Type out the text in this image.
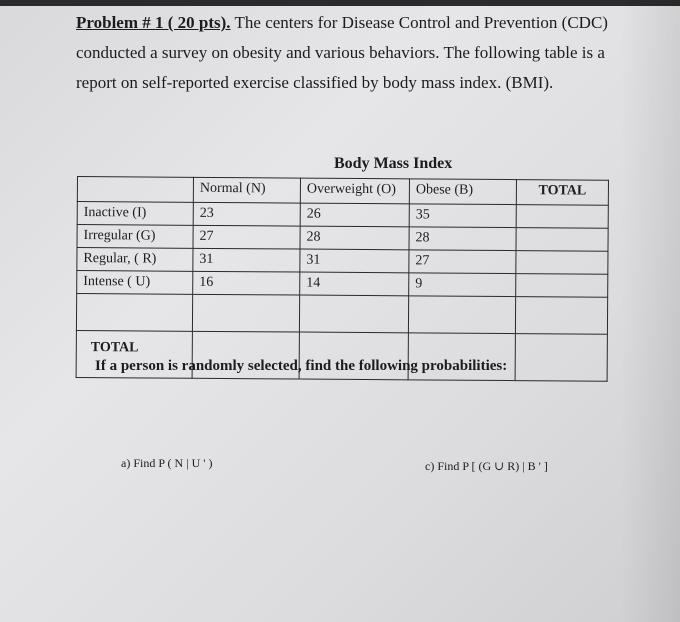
Problem # 1 ( 20 pts). The centers for Disease Control and Prevention (CDC) conducted a survey on obesity and various behaviors. The following table is a report on self-reported exercise classified by body mass index. (BMI).
Body Mass Index
	Normal (N)	Overweight (O)	Obese (B)	TOTAL
Inactive (I)	23	26	35	
Irregular (G)	27	28	28	
Regular, ( R)	31	31	27	
Intense ( U)	16	14	9	

TOTAL				
If a person is randomly selected, find the following probabilities:
a) Find P ( N | U ' )	c) Find P [ (G ∪ R) | B ' ]
